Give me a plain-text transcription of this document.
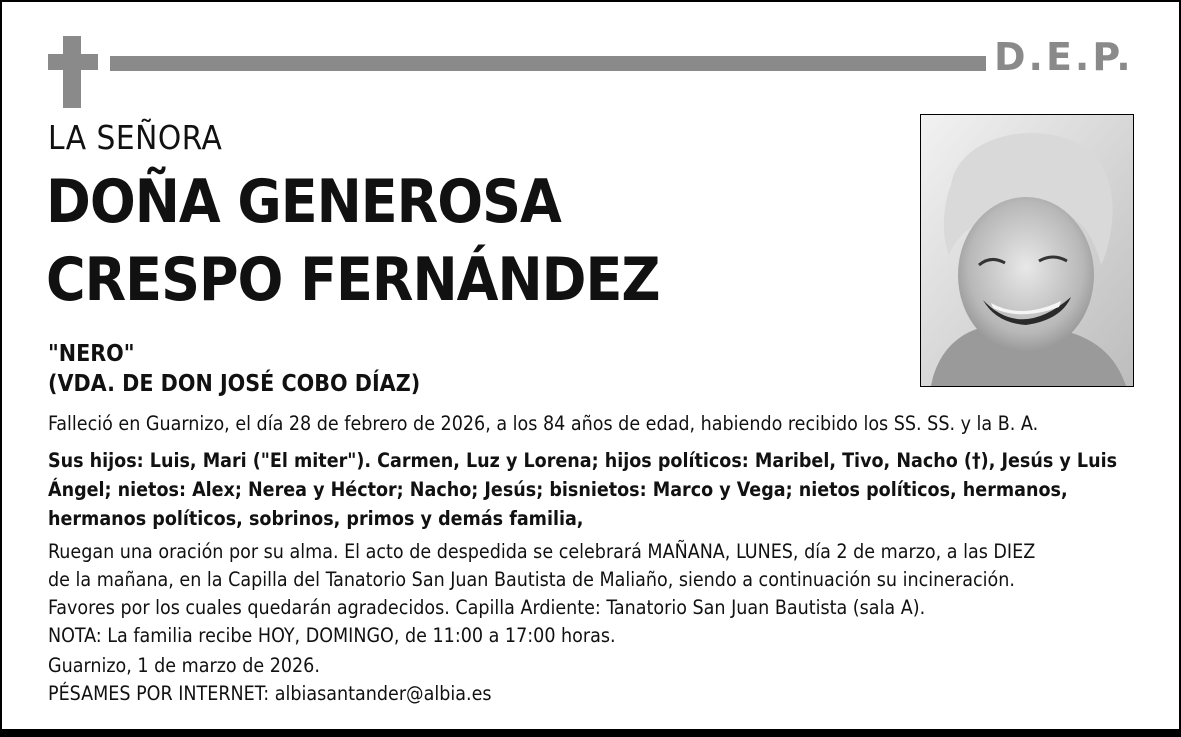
D.E.P.
LA SEÑORA
DOÑA GENEROSA
CRESPO FERNÁNDEZ
"NERO"
(VDA. DE DON JOSÉ COBO DÍAZ)

Falleció en Guarnizo, el día 28 de febrero de 2026, a los 84 años de edad, habiendo recibido los SS. SS. y la B. A.

Sus hijos: Luis, Mari ("El miter"). Carmen, Luz y Lorena; hijos políticos: Maribel, Tivo, Nacho (†), Jesús y Luis Ángel; nietos: Alex; Nerea y Héctor; Nacho; Jesús; bisnietos: Marco y Vega; nietos políticos, hermanos, hermanos políticos, sobrinos, primos y demás familia,

Ruegan una oración por su alma. El acto de despedida se celebrará MAÑANA, LUNES, día 2 de marzo, a las DIEZ
de la mañana, en la Capilla del Tanatorio San Juan Bautista de Maliaño, siendo a continuación su incineración.
Favores por los cuales quedarán agradecidos. Capilla Ardiente: Tanatorio San Juan Bautista (sala A).
NOTA: La familia recibe HOY, DOMINGO, de 11:00 a 17:00 horas.
Guarnizo, 1 de marzo de 2026.
PÉSAMES POR INTERNET: albiasantander@albia.es
